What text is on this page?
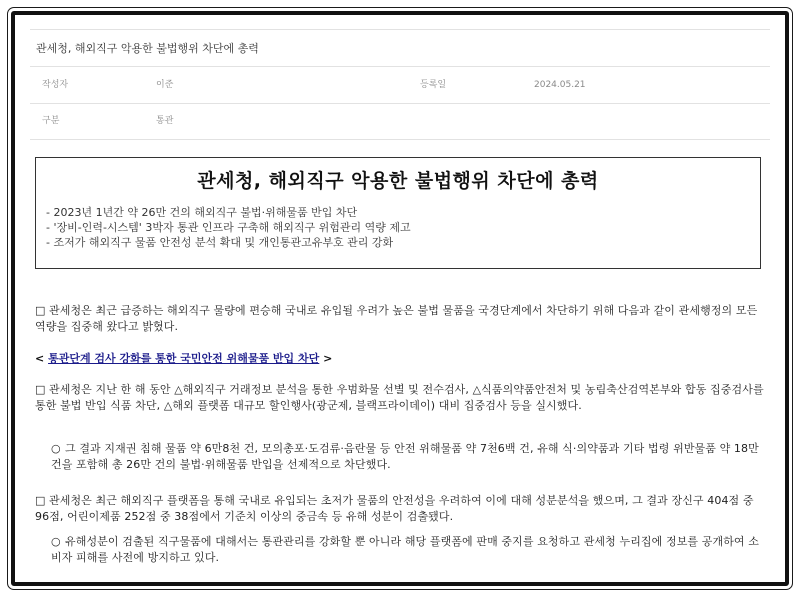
관세청, 해외직구 악용한 불법행위 차단에 총력
작성자	이준	등록일	2024.05.21
구분	통관
관세청, 해외직구 악용한 불법행위 차단에 총력
- 2023년 1년간 약 26만 건의 해외직구 불법·위해물품 반입 차단
- '장비-인력-시스템' 3박자 통관 인프라 구축해 해외직구 위험관리 역량 제고
- 조저가 해외직구 물품 안전성 분석 확대 및 개인통관고유부호 관리 강화
□ 관세청은 최근 급증하는 해외직구 물량에 편승해 국내로 유입될 우려가 높은 불법 물품을 국경단계에서 차단하기 위해 다음과 같이 관세행정의 모든 역량을 집중해 왔다고 밝혔다.
< 통관단계 검사 강화를 통한 국민안전 위해물품 반입 차단 >
□ 관세청은 지난 한 해 동안 △해외직구 거래정보 분석을 통한 우범화물 선별 및 전수검사, △식품의약품안전처 및 농림축산검역본부와 합동 집중검사를 통한 불법 반입 식품 차단, △해외 플랫폼 대규모 할인행사(광군제, 블랙프라이데이) 대비 집중검사 등을 실시했다.
○ 그 결과 지재권 침해 물품 약 6만8천 건, 모의총포·도검류·음란물 등 안전 위해물품 약 7천6백 건, 유해 식·의약품과 기타 법령 위반물품 약 18만 건을 포함해 총 26만 건의 불법·위해물품 반입을 선제적으로 차단했다.
□ 관세청은 최근 해외직구 플랫폼을 통해 국내로 유입되는 초저가 물품의 안전성을 우려하여 이에 대해 성분분석을 했으며, 그 결과 장신구 404점 중 96점, 어린이제품 252점 중 38점에서 기준치 이상의 중금속 등 유해 성분이 검출됐다.
○ 유해성분이 검출된 직구물품에 대해서는 통관관리를 강화할 뿐 아니라 해당 플랫폼에 판매 중지를 요청하고 관세청 누리집에 정보를 공개하여 소비자 피해를 사전에 방지하고 있다.
